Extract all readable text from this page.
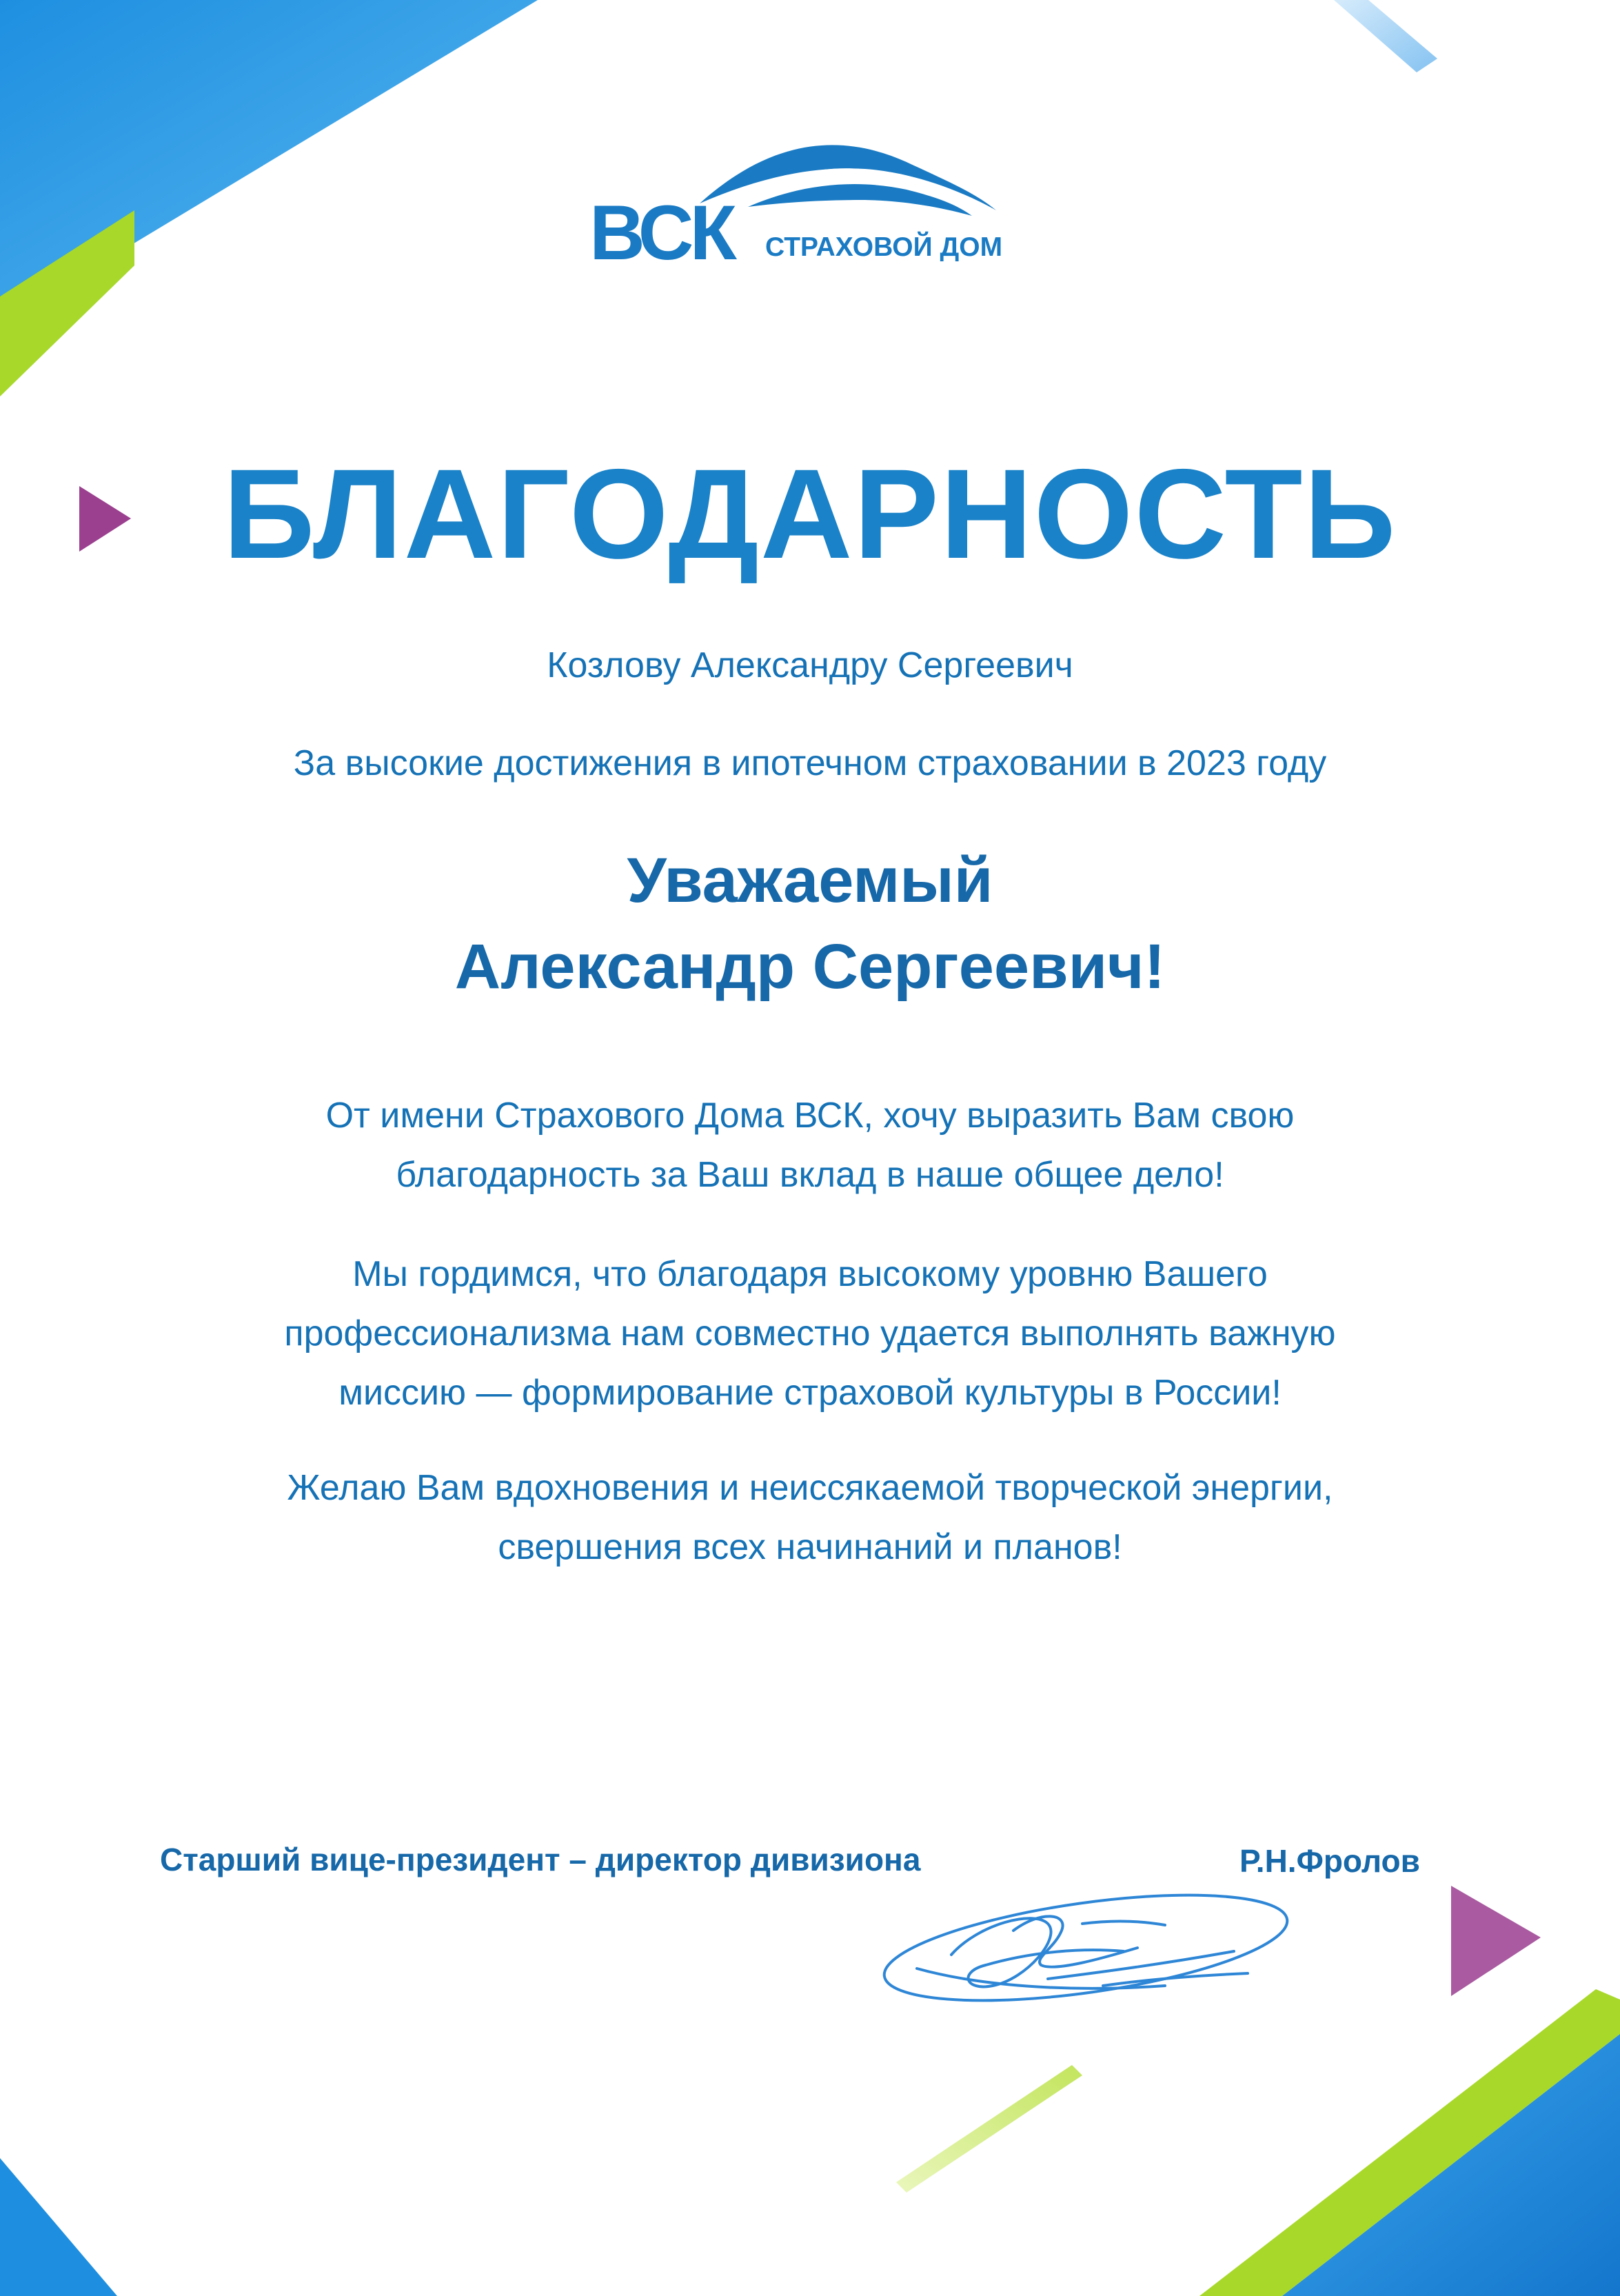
ВСК СТРАХОВОЙ ДОМ
БЛАГОДАРНОСТЬ
Козлову Александру Сергеевич
За высокие достижения в ипотечном страховании в 2023 году
Уважаемый
Александр Сергеевич!
От имени Страхового Дома ВСК, хочу выразить Вам свою
благодарность за Ваш вклад в наше общее дело!
Мы гордимся, что благодаря высокому уровню Вашего
профессионализма нам совместно удается выполнять важную
миссию — формирование страховой культуры в России!
Желаю Вам вдохновения и неиссякаемой творческой энергии,
свершения всех начинаний и планов!
Старший вице-президент – директор дивизиона	Р.Н.Фролов
